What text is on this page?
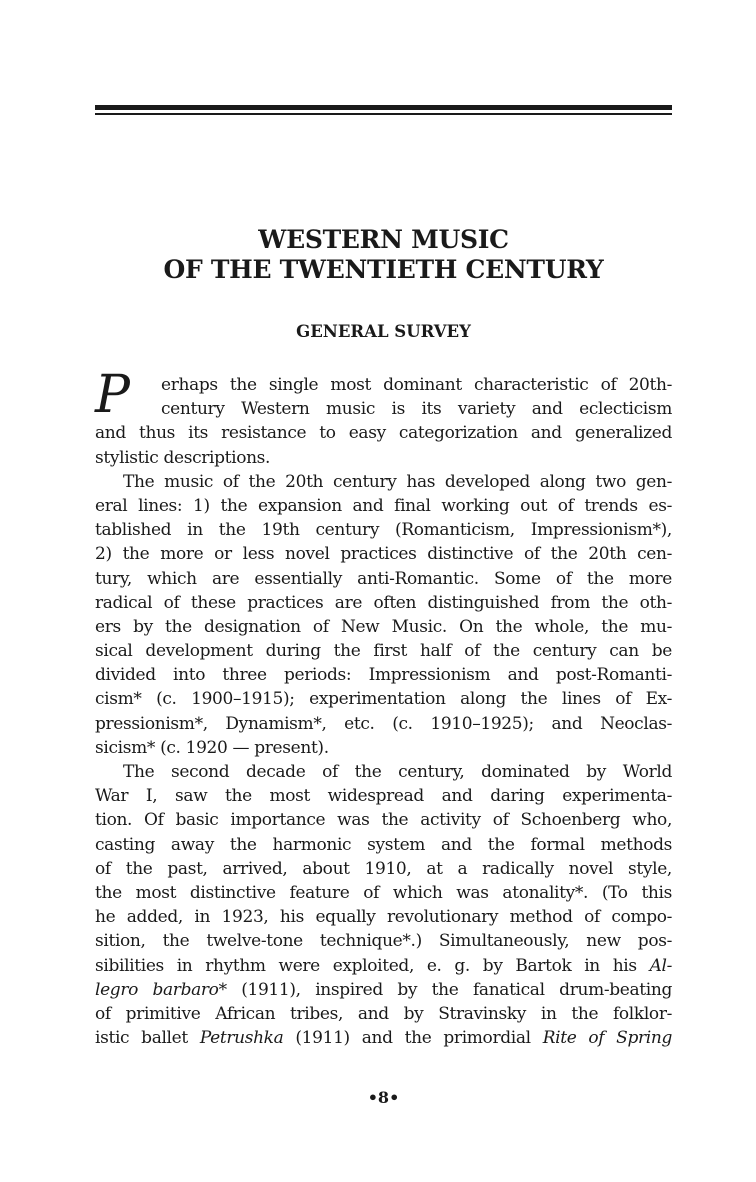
WESTERN MUSIC
OF THE TWENTIETH CENTURY
GENERAL SURVEY
P	erhaps the single most dominant characteristic of 20th-
century Western music is its variety and eclecticism
and thus its resistance to easy categorization and generalized
stylistic descriptions.
The music of the 20th century has developed along two gen-
eral lines: 1) the expansion and final working out of trends es-
tablished in the 19th century (Romanticism, Impressionism*),
2) the more or less novel practices distinctive of the 20th cen-
tury, which are essentially anti-Romantic. Some of the more
radical of these practices are often distinguished from the oth-
ers by the designation of New Music. On the whole, the mu-
sical development during the first half of the century can be
divided into three periods: Impressionism and post-Romanti-
cism* (c. 1900–1915); experimentation along the lines of Ex-
pressionism*, Dynamism*, etc. (c. 1910–1925); and Neoclas-
sicism* (c. 1920 — present).
The second decade of the century, dominated by World
War I, saw the most widespread and daring experimenta-
tion. Of basic importance was the activity of Schoenberg who,
casting away the harmonic system and the formal methods
of the past, arrived, about 1910, at a radically novel style,
the most distinctive feature of which was atonality*. (To this
he added, in 1923, his equally revolutionary method of compo-
sition, the twelve-tone technique*.) Simultaneously, new pos-
sibilities in rhythm were exploited, e. g. by Bartok in his Al-
legro barbaro* (1911), inspired by the fanatical drum-beating
of primitive African tribes, and by Stravinsky in the folklor-
istic ballet Petrushka (1911) and the primordial Rite of Spring
•8•
